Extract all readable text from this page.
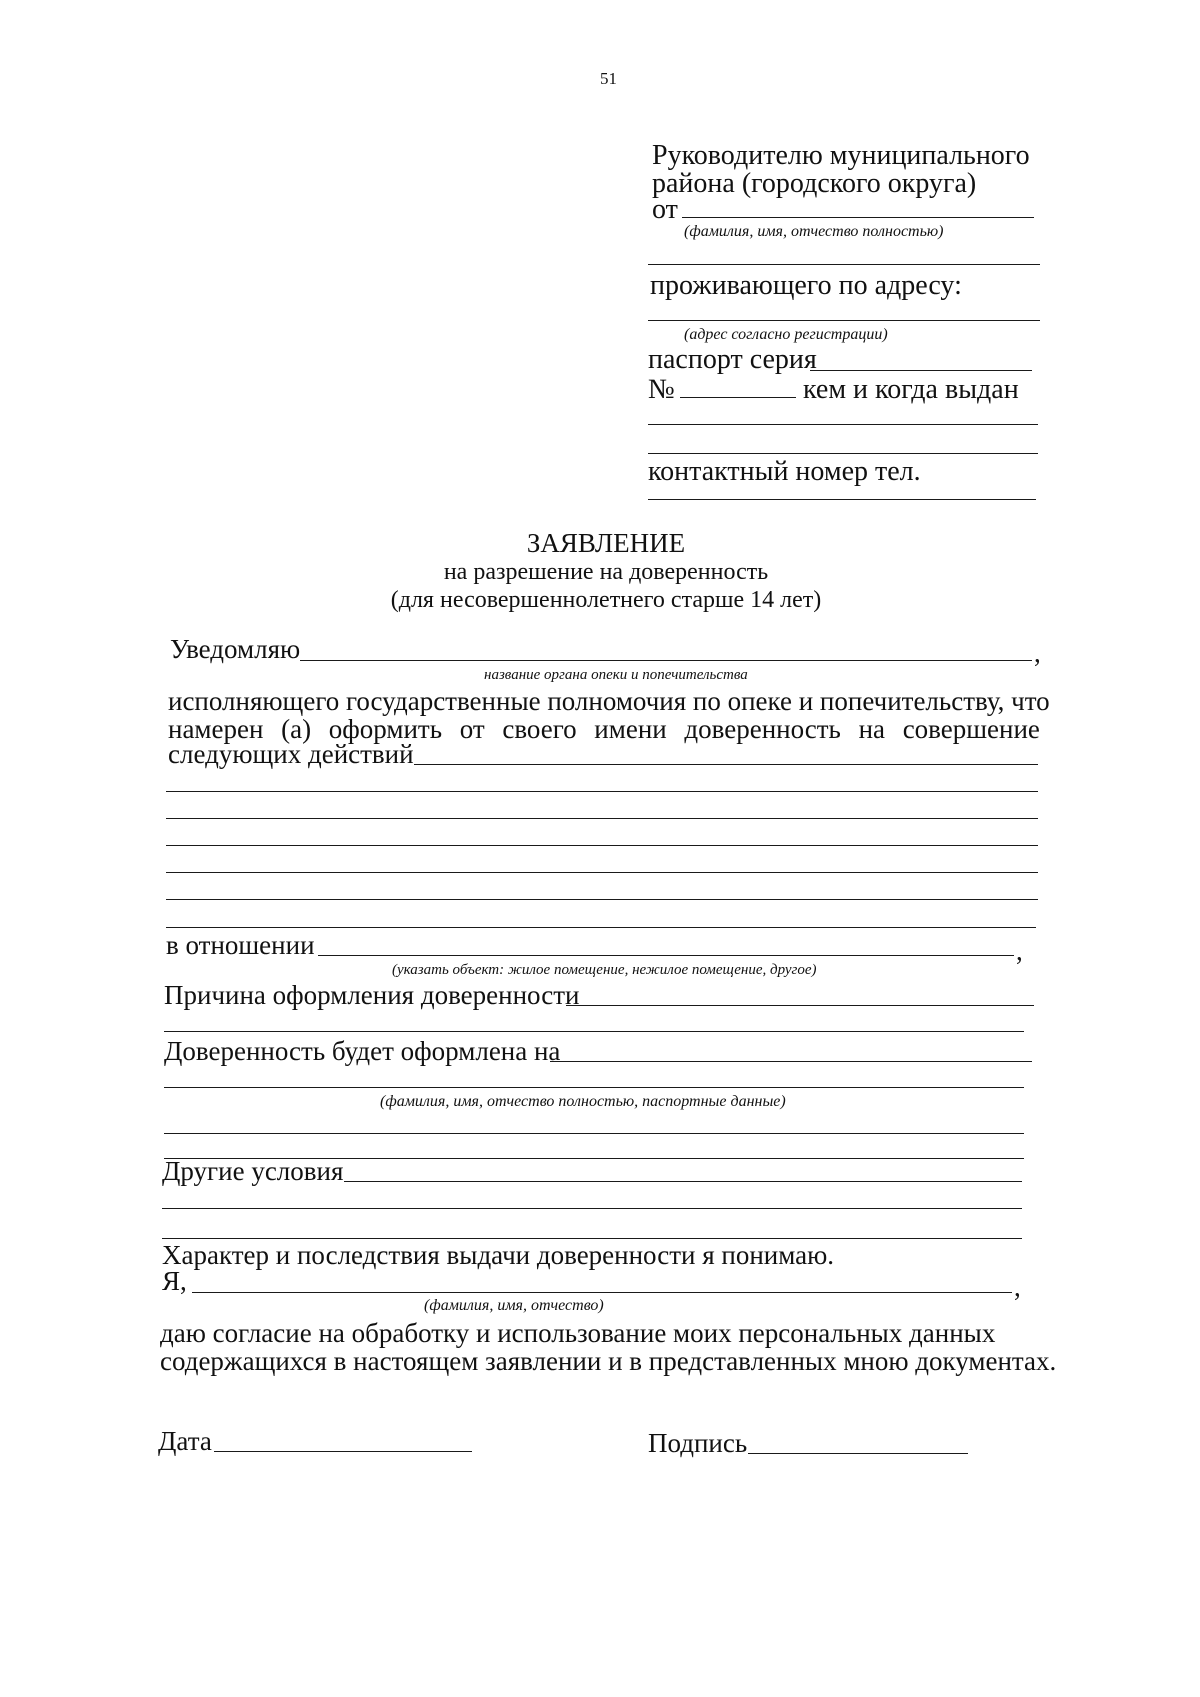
51
Руководителю муниципального
района (городского округа)
от
(фамилия, имя, отчество полностью)
проживающего по адресу:
(адрес согласно регистрации)
паспорт серия
№	кем и когда выдан
контактный номер тел.
ЗАЯВЛЕНИЕ
на разрешение на доверенность
(для несовершеннолетнего старше 14 лет)
Уведомляю	,
название органа опеки и попечительства
исполняющего государственные полномочия по опеке и попечительству, что
намерен (а) оформить от своего имени доверенность на совершение
следующих действий
в отношении	,
(указать объект: жилое помещение, нежилое помещение, другое)
Причина оформления доверенности
Доверенность будет оформлена на
(фамилия, имя, отчество полностью, паспортные данные)
Другие условия
Характер и последствия выдачи доверенности я понимаю.
Я,	,
(фамилия, имя, отчество)
даю согласие на обработку и использование моих персональных данных
содержащихся в настоящем заявлении и в представленных мною документах.
Дата	Подпись
